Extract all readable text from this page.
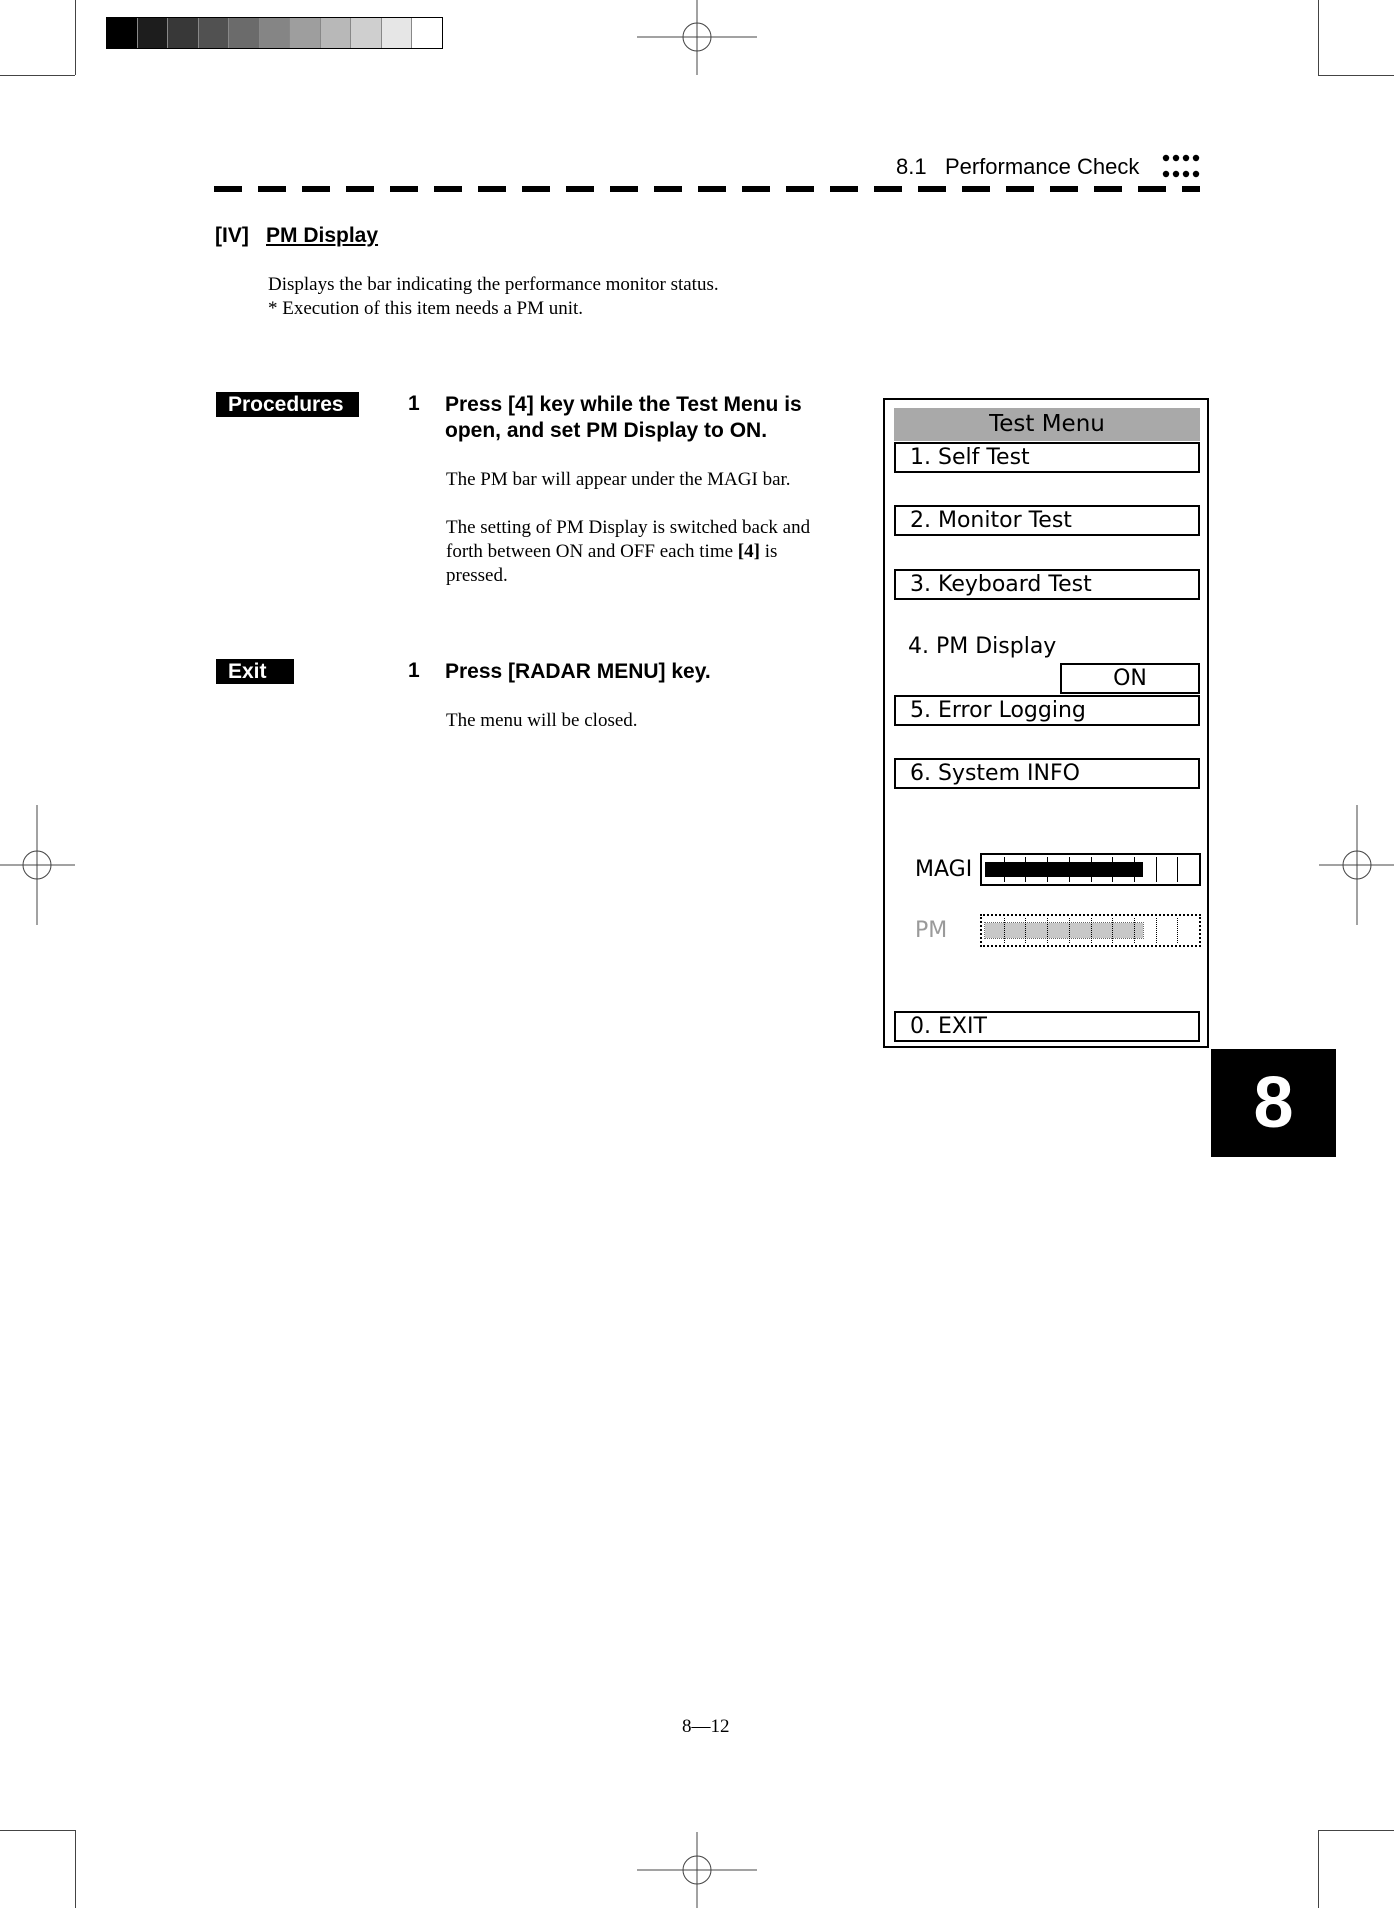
8.1 Performance Check
[IV] PM Display
Displays the bar indicating the performance monitor status.
* Execution of this item needs a PM unit.
Procedures	1 Press [4] key while the Test Menu is
open, and set PM Display to ON.
The PM bar will appear under the MAGI bar.
The setting of PM Display is switched back and
forth between ON and OFF each time [4] is
pressed.
Exit	1 Press [RADAR MENU] key.
The menu will be closed.
Test Menu
1. Self Test
2. Monitor Test
3. Keyboard Test
4. PM Display
ON
5. Error Logging
6. System INFO
MAGI
PM
0. EXIT
8
8—12
